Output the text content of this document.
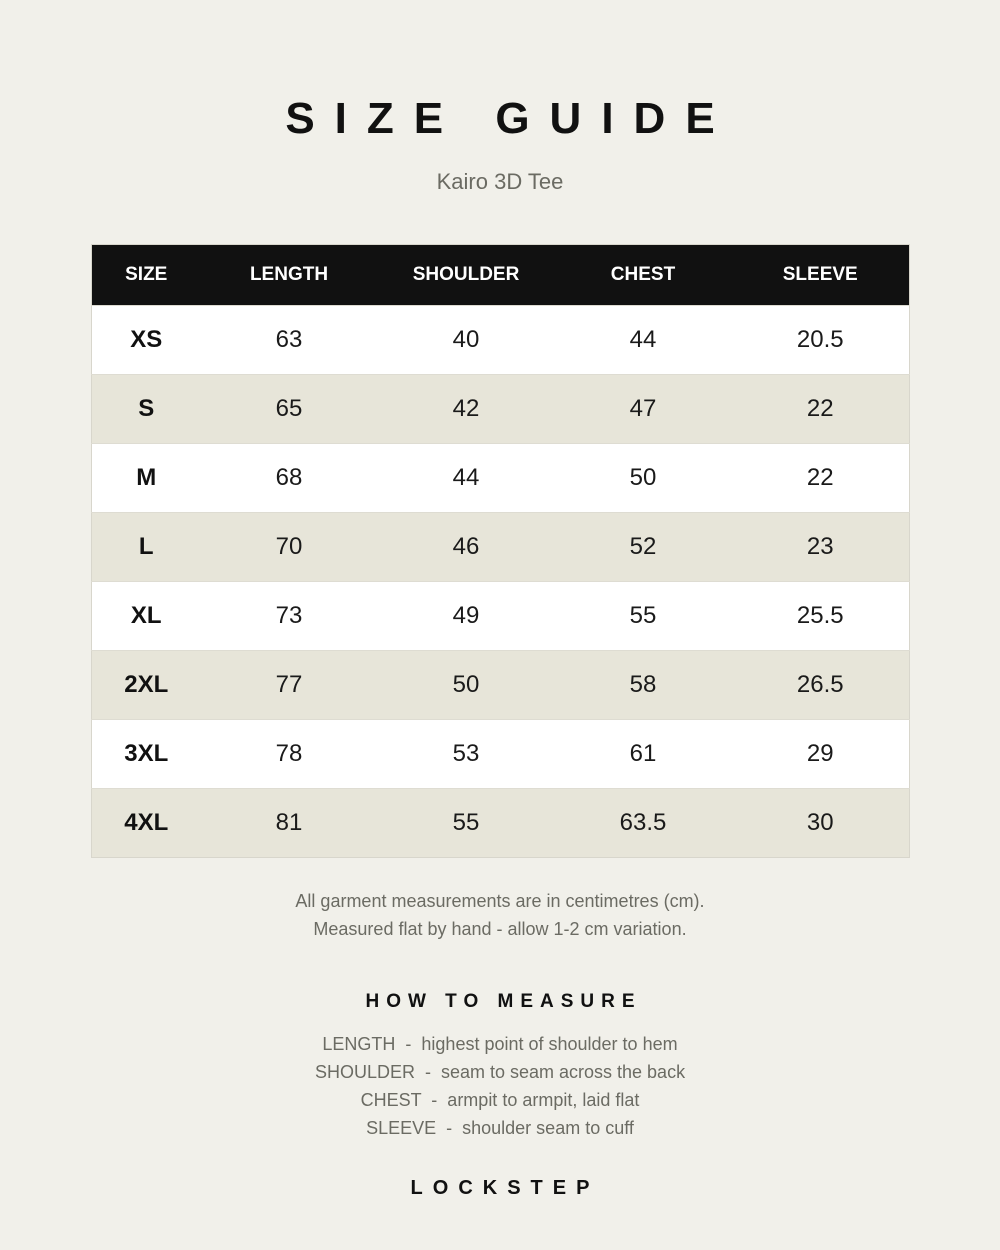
SIZE GUIDE
Kairo 3D Tee
SIZE	LENGTH	SHOULDER	CHEST	SLEEVE
XS	63	40	44	20.5
S	65	42	47	22
M	68	44	50	22
L	70	46	52	23
XL	73	49	55	25.5
2XL	77	50	58	26.5
3XL	78	53	61	29
4XL	81	55	63.5	30
All garment measurements are in centimetres (cm).
Measured flat by hand - allow 1-2 cm variation.
HOW TO MEASURE
LENGTH  -  highest point of shoulder to hem
SHOULDER  -  seam to seam across the back
CHEST  -  armpit to armpit, laid flat
SLEEVE  -  shoulder seam to cuff
LOCKSTEP
